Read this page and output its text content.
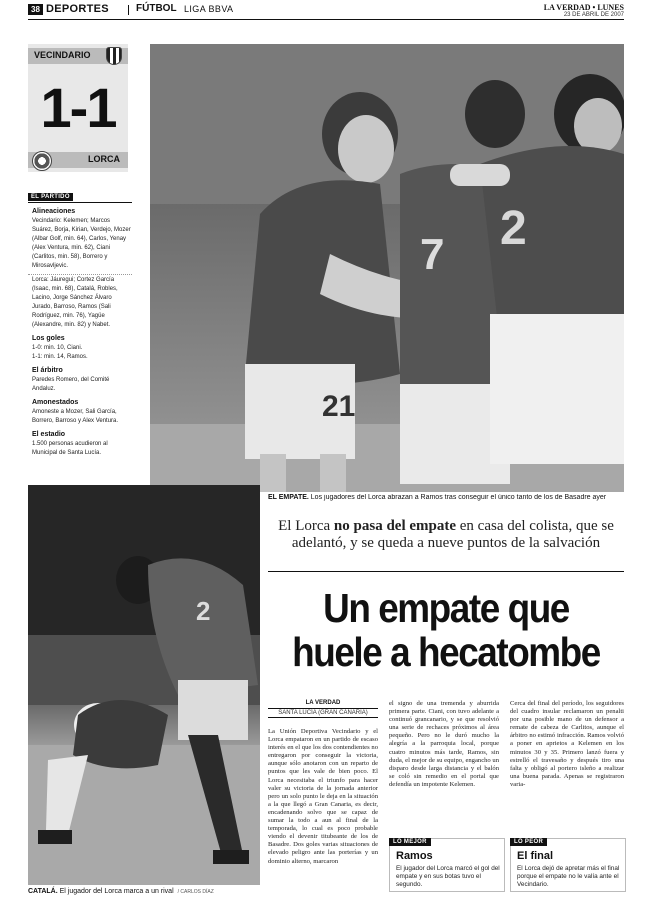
38 DEPORTES	FÚTBOL LIGA BBVA	LA VERDAD • LUNES
23 DE ABRIL DE 2007
VECINDARIO
1-1
LORCA
EL PARTIDO
Alineaciones

Vecindario: Kelemen; Marcos Suárez, Borja, Kirian, Verdejo, Mozer (Albar Golf, min. 64), Carlos, Yenay (Alex Ventura, min. 62), Ciani (Carlitos, min. 58), Borrero y Mirosavljevic.

Lorca: Jáuregui; Cortez García (Isaac, min. 68), Catalá, Robles, Lacino, Jorge Sánchez Álvaro Jurado, Barroso, Ramos (Sali Rodríguez, min. 76), Yagüe (Alexandre, min. 82) y Nabet.

Los goles

1-0: min. 10, Ciani.

1-1: min. 14, Ramos.

El árbitro

Paredes Romero, del Comité Andaluz.

Amonestados

Amoneste a Mozer, Sali García, Borrero, Barroso y Alex Ventura.

El estadio

1.500 personas acudieron al Municipal de Santa Lucía.

21
7 2
EL EMPATE. Los jugadores del Lorca abrazan a Ramos tras conseguir el único tanto de los de Basadre ayer
2
CATALÁ. El jugador del Lorca marca a un rival / CARLOS DÍAZ
El Lorca no pasa del empate en casa del colista, que se adelantó, y se queda a nueve puntos de la salvación
Un empate que
huele a hecatombe
LA VERDAD
SANTA LUCÍA (GRAN CANARIA)
La Unión Deportiva Vecindario y el Lorca empataron en un partido de escaso interés en el que los dos contendientes no entregaron por conseguir la victoria, aunque sólo anotaron con un reparto de puntos que les vale de bien poco. El Lorca necesitaba el triunfo para hacer valer su victoria de la jornada anterior pero un solo punto le deja en la situación a la que llegó a Gran Canaria, es decir, encadenando solvo que se capaz de sumar la todo a aun al final de la temporada, lo cual es poco probable viendo el devenir titubeante de los de Basadre. Dos goles varias situaciones de elevado peligro ante las porterías y un dominio alterno, marcaron
el signo de una tremenda y aburrida primera parte. Ciani, con tuvo adelante a continuó grancanario, y se que resolvió una serie de rechaces próximos al área pequeño. Pero no le duró mucho la alegría a la parroquia local, porque cuatro minutos más tarde, Ramos, sin duda, el mejor de su equipo, engancho un disparo desde larga distancia y el balón se coló sin remedio en el portal que defendía un impotente Kelemen.
Cerca del final del período, los seguidores del cuadro insular reclamaron un penalti por una posible mano de un defensor a remate de cabeza de Carlitos, aunque el árbitro no estimó infracción. Ramos volvió a poner en aprietos a Kelemen en los minutos 30 y 35. Primero lanzó fuera y estrelló el travesaño y después tiro una falta y obligó al portero isleño a realizar una buena parada. Apenas se registraron varia-
LO MEJOR
Ramos
El jugador del Lorca marcó el gol del empate y en sus botas tuvo el segundo.
LO PEOR
El final
El Lorca dejó de apretar más el final porque el empate no le valía ante el Vecindario.
